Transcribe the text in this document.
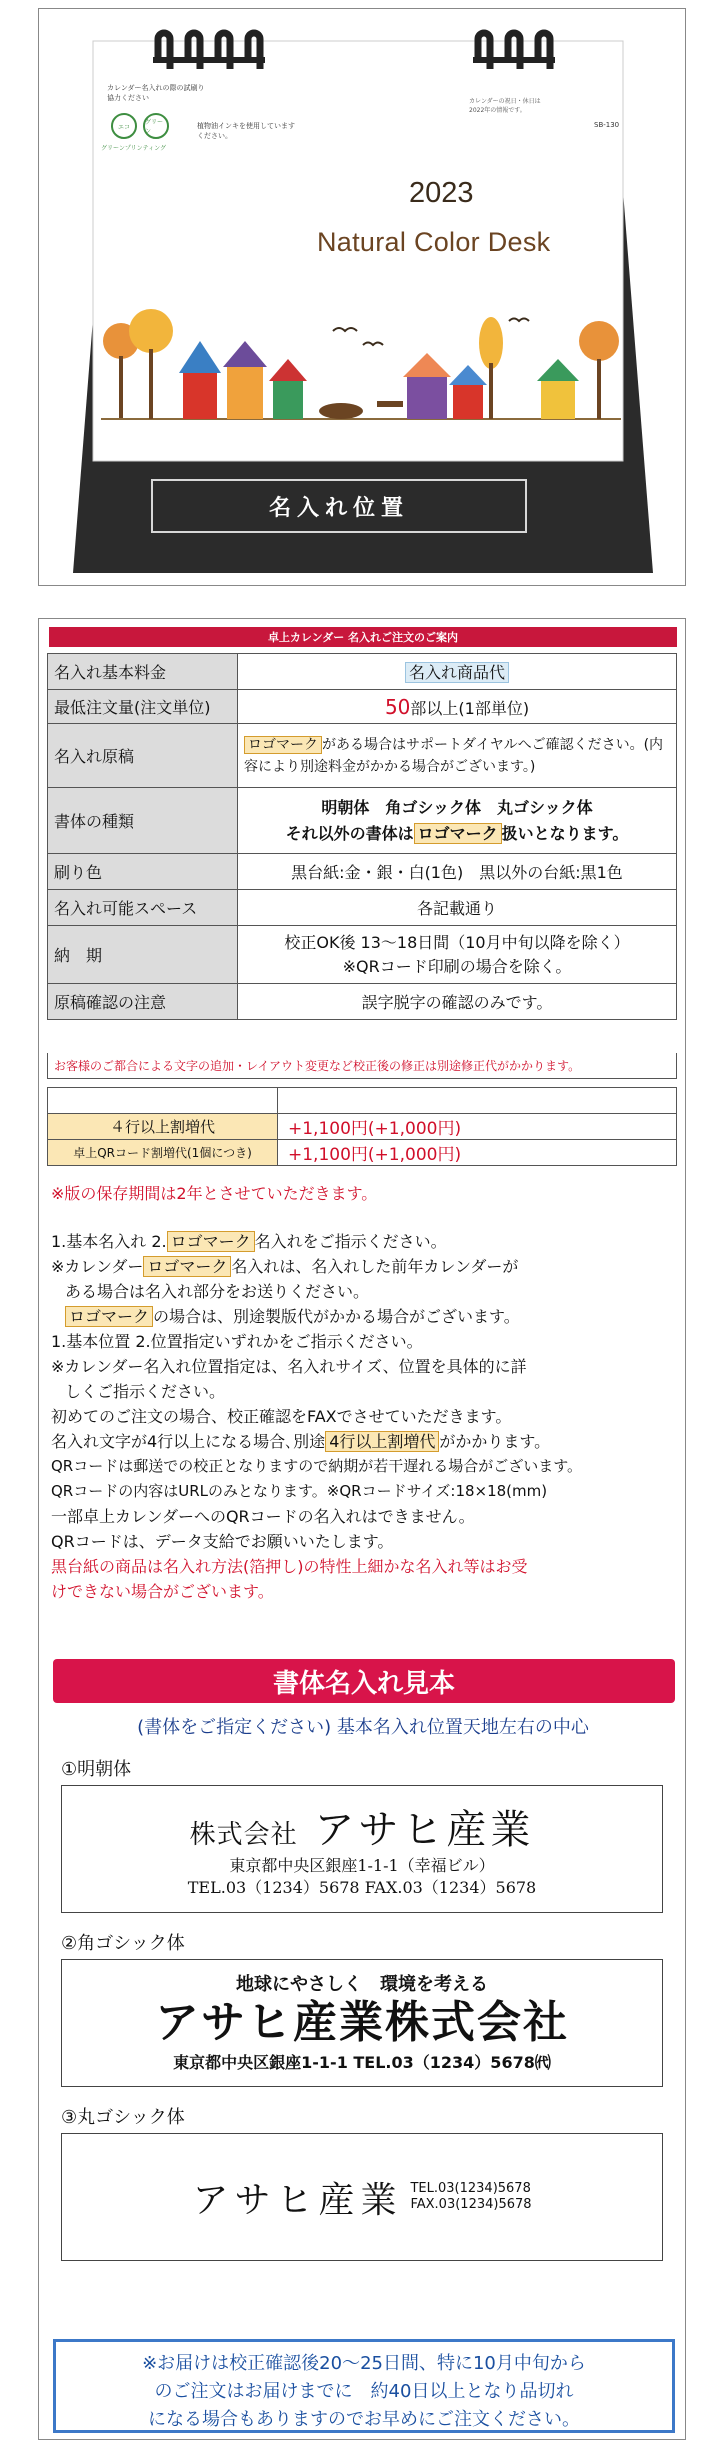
カレンダー名入れの際の試刷り
協力ください
エコ
グリーン
グリーンプリンティング
植物油インキを使用しています
ください。
カレンダーの祝日・休日は
2022年の情報です。
SB-130
2023
Natural Color Desk
名入れ位置
卓上カレンダー 名入れご注文のご案内
名入れ基本料金	名入れ商品代
最低注文量(注文単位)	50部以上(1部単位)
名入れ原稿	ロゴマーク がある場合はサポートダイヤルへご確認ください。(内容により別途料金がかかる場合がございます。)
書体の種類	明朝体　角ゴシック体　丸ゴシック体
それ以外の書体は ロゴマーク 扱いとなります。

刷り色	黒台紙:金・銀・白(1色)　黒以外の台紙:黒1色
名入れ可能スペース	各記載通り
納　期	校正OK後 13～18日間（10月中旬以降を除く）
※QRコード印刷の場合を除く。

原稿確認の注意	誤字脱字の確認のみです。
お客様のご都合による文字の追加・レイアウト変更など校正後の修正は別途修正代がかかります。

４行以上割増代	+1,100円(+1,000円)
卓上QRコード割増代(1個につき)	+1,100円(+1,000円)
※版の保存期間は2年とさせていただきます。

1.基本名入れ 2. ロゴマーク 名入れをご指示ください。

※カレンダー ロゴマーク 名入れは、名入れした前年カレンダーが

ある場合は名入れ部分をお送りください。

ロゴマーク の場合は、別途製版代がかかる場合がございます。

1.基本位置 2.位置指定いずれかをご指示ください。

※カレンダー名入れ位置指定は、名入れサイズ、位置を具体的に詳

しくご指示ください。

初めてのご注文の場合、校正確認をFAXでさせていただきます。

名入れ文字が4行以上になる場合､別途 4行以上割増代 がかかります。

QRコードは郵送での校正となりますので納期が若干遅れる場合がございます。

QRコードの内容はURLのみとなります。※QRコードサイズ:18×18(mm)

一部卓上カレンダーへのQRコードの名入れはできません。

QRコードは、データ支給でお願いいたします。

黒台紙の商品は名入れ方法(箔押し)の特性上細かな名入れ等はお受

けできない場合がございます。

書体名入れ見本
(書体をご指定ください) 基本名入れ位置天地左右の中心
①明朝体
株式会社 アサヒ産業
東京都中央区銀座1-1-1（幸福ビル）
TEL.03（1234）5678 FAX.03（1234）5678
②角ゴシック体
地球にやさしく　環境を考える
アサヒ産業株式会社
東京都中央区銀座1-1-1 TEL.03（1234）5678㈹
③丸ゴシック体
アサヒ産業 TEL.03(1234)5678
FAX.03(1234)5678
※お届けは校正確認後20～25日間、特に10月中旬から
のご注文はお届けまでに　約40日以上となり品切れ
になる場合もありますのでお早めにご注文ください。
